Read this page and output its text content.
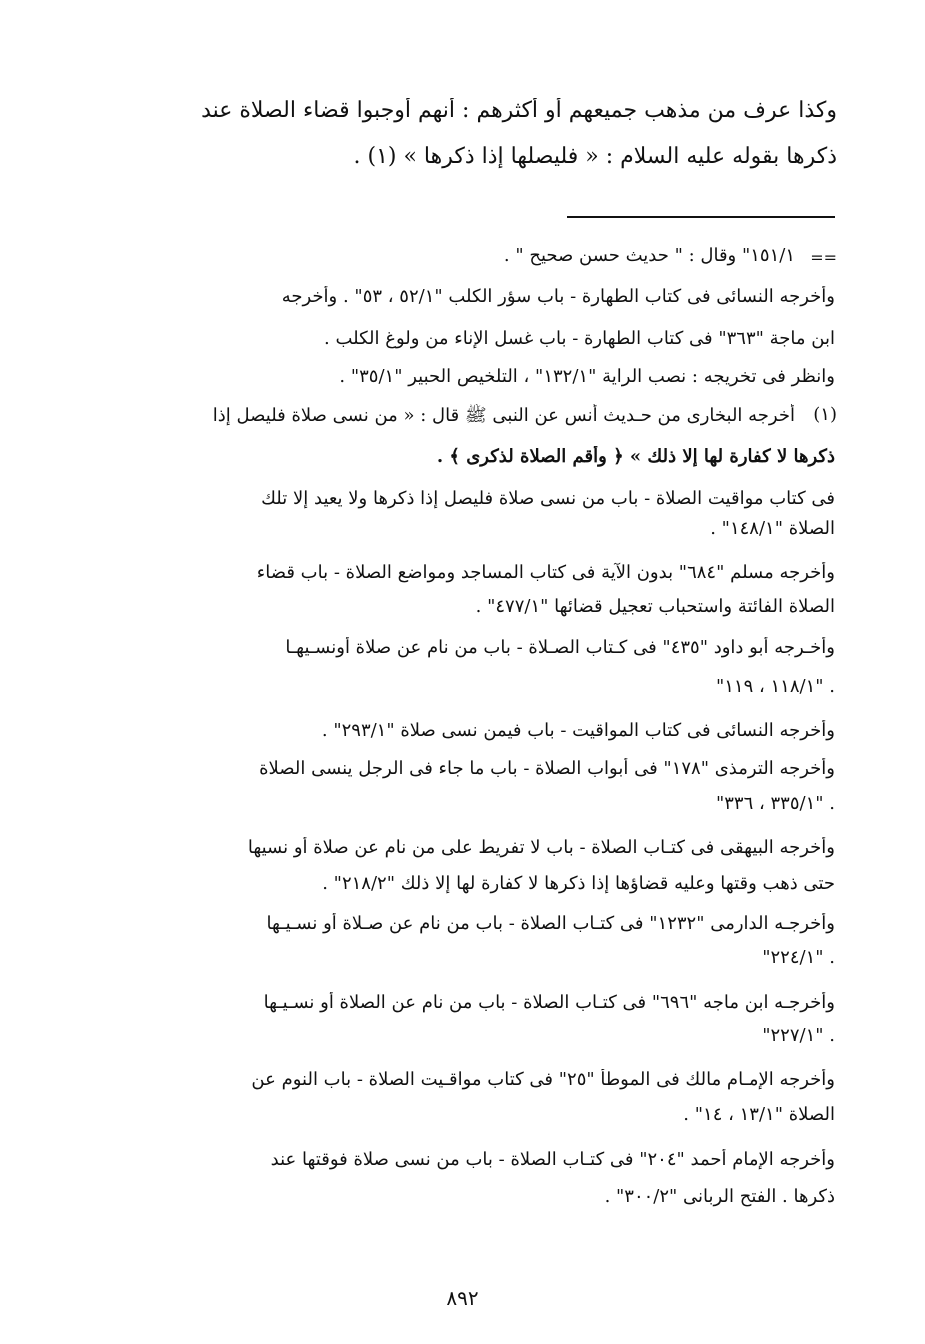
وكذا عرف من مذهب جميعهم أو أكثرهم : أنهم أوجبوا قضاء الصلاة عند
ذكرها بقوله عليه السلام : « فليصلها إذا ذكرها » (١) .
==
١٥١/١" وقال : " حديث حسن صحيح " .
وأخرجه النسائى فى كتاب الطهارة - باب سؤر الكلب "٥٢/١ ، ٥٣" . وأخرجه
ابن ماجة "٣٦٣" فى كتاب الطهارة - باب غسل الإناء من ولوغ الكلب .
وانظر فى تخريجه : نصب الراية "١٣٢/١" ، التلخيص الحبير "٣٥/١" .
(١)
أخرجه البخارى من حـديث أنس عن النبى ﷺ قال : « من نسى صلاة فليصل إذا
ذكرها لا كفارة لها إلا ذلك » ﴿ وأقم الصلاة لذكرى ﴾ .
فى كتاب مواقيت الصلاة - باب من نسى صلاة فليصل إذا ذكرها ولا يعيد إلا تلك
الصلاة "١٤٨/١" .
وأخرجه مسلم "٦٨٤" بدون الآية فى كتاب المساجد ومواضع الصلاة - باب قضاء
الصلاة الفائتة واستحباب تعجيل قضائها "٤٧٧/١" .
وأخـرجه أبو داود "٤٣٥" فى كـتاب الصـلاة - باب من نام عن صلاة أونسـيهـا
"١١٨/١ ، ١١٩" .
وأخرجه النسائى فى كتاب المواقيت - باب فيمن نسى صلاة "٢٩٣/١" .
وأخرجه الترمذى "١٧٨" فى أبواب الصلاة - باب ما جاء فى الرجل ينسى الصلاة
"٣٣٥/١ ، ٣٣٦" .
وأخرجه البيهقى فى كتـاب الصلاة - باب لا تفريط على من نام عن صلاة أو نسيها
حتى ذهب وقتها وعليه قضاؤها إذا ذكرها لا كفارة لها إلا ذلك "٢١٨/٢" .
وأخرجـه الدارمى "١٢٣٢" فى كتـاب الصلاة - باب من نام عن صـلاة أو نسـيـها
"٢٢٤/١" .
وأخرجـه ابن ماجه "٦٩٦" فى كتـاب الصلاة - باب من نام عن الصلاة أو نسـيـها
"٢٢٧/١" .
وأخرجه الإمـام مالك فى الموطأ "٢٥" فى كتاب مواقـيت الصلاة - باب النوم عن
الصلاة "١٣/١ ، ١٤" .
وأخرجه الإمام أحمد "٢٠٤" فى كتـاب الصلاة - باب من نسى صلاة فوقتها عند
ذكرها . الفتح الربانى "٣٠٠/٢" .
٨٩٢
